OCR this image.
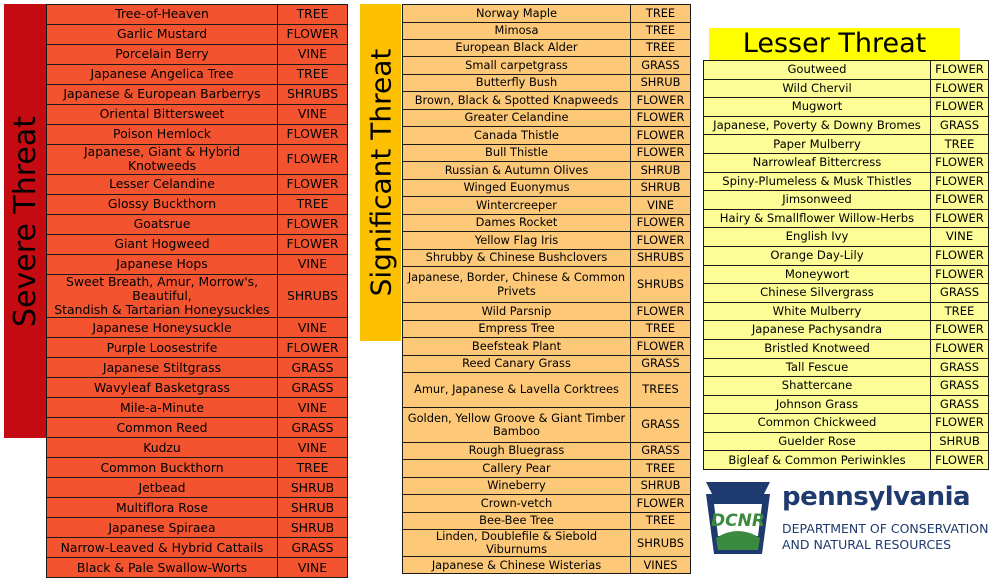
Severe Threat
Tree-of-Heaven	TREE
Garlic Mustard	FLOWER
Porcelain Berry	VINE
Japanese Angelica Tree	TREE
Japanese & European Barberrys	SHRUBS
Oriental Bittersweet	VINE
Poison Hemlock	FLOWER
Japanese, Giant & Hybrid Knotweeds	FLOWER
Lesser Celandine	FLOWER
Glossy Buckthorn	TREE
Goatsrue	FLOWER
Giant Hogweed	FLOWER
Japanese Hops	VINE
Sweet Breath, Amur, Morrow's, Beautiful,
Standish & Tartarian Honeysuckles	SHRUBS
Japanese Honeysuckle	VINE
Purple Loosestrife	FLOWER
Japanese Stiltgrass	GRASS
Wavyleaf Basketgrass	GRASS
Mile-a-Minute	VINE
Common Reed	GRASS
Kudzu	VINE
Common Buckthorn	TREE
Jetbead	SHRUB
Multiflora Rose	SHRUB
Japanese Spiraea	SHRUB
Narrow-Leaved & Hybrid Cattails	GRASS
Black & Pale Swallow-Worts	VINE
Significant Threat
Norway Maple	TREE
Mimosa	TREE
European Black Alder	TREE
Small carpetgrass	GRASS
Butterfly Bush	SHRUB
Brown, Black & Spotted Knapweeds	FLOWER
Greater Celandine	FLOWER
Canada Thistle	FLOWER
Bull Thistle	FLOWER
Russian & Autumn Olives	SHRUB
Winged Euonymus	SHRUB
Wintercreeper	VINE
Dames Rocket	FLOWER
Yellow Flag Iris	FLOWER
Shrubby & Chinese Bushclovers	SHRUBS
Japanese, Border, Chinese & Common
Privets	SHRUBS
Wild Parsnip	FLOWER
Empress Tree	TREE
Beefsteak Plant	FLOWER
Reed Canary Grass	GRASS
Amur, Japanese & Lavella Corktrees	TREES
Golden, Yellow Groove & Giant Timber
Bamboo	GRASS
Rough Bluegrass	GRASS
Callery Pear	TREE
Wineberry	SHRUB
Crown-vetch	FLOWER
Bee-Bee Tree	TREE
Linden, Doublefile & Siebold Viburnums	SHRUBS
Japanese & Chinese Wisterias	VINES
Lesser Threat
Goutweed	FLOWER
Wild Chervil	FLOWER
Mugwort	FLOWER
Japanese, Poverty & Downy Bromes	GRASS
Paper Mulberry	TREE
Narrowleaf Bittercress	FLOWER
Spiny-Plumeless & Musk Thistles	FLOWER
Jimsonweed	FLOWER
Hairy & Smallflower Willow-Herbs	FLOWER
English Ivy	VINE
Orange Day-Lily	FLOWER
Moneywort	FLOWER
Chinese Silvergrass	GRASS
White Mulberry	TREE
Japanese Pachysandra	FLOWER
Bristled Knotweed	FLOWER
Tall Fescue	GRASS
Shattercane	GRASS
Johnson Grass	GRASS
Common Chickweed	FLOWER
Guelder Rose	SHRUB
Bigleaf & Common Periwinkles	FLOWER
DCNR
pennsylvania
DEPARTMENT OF CONSERVATION
AND NATURAL RESOURCES
